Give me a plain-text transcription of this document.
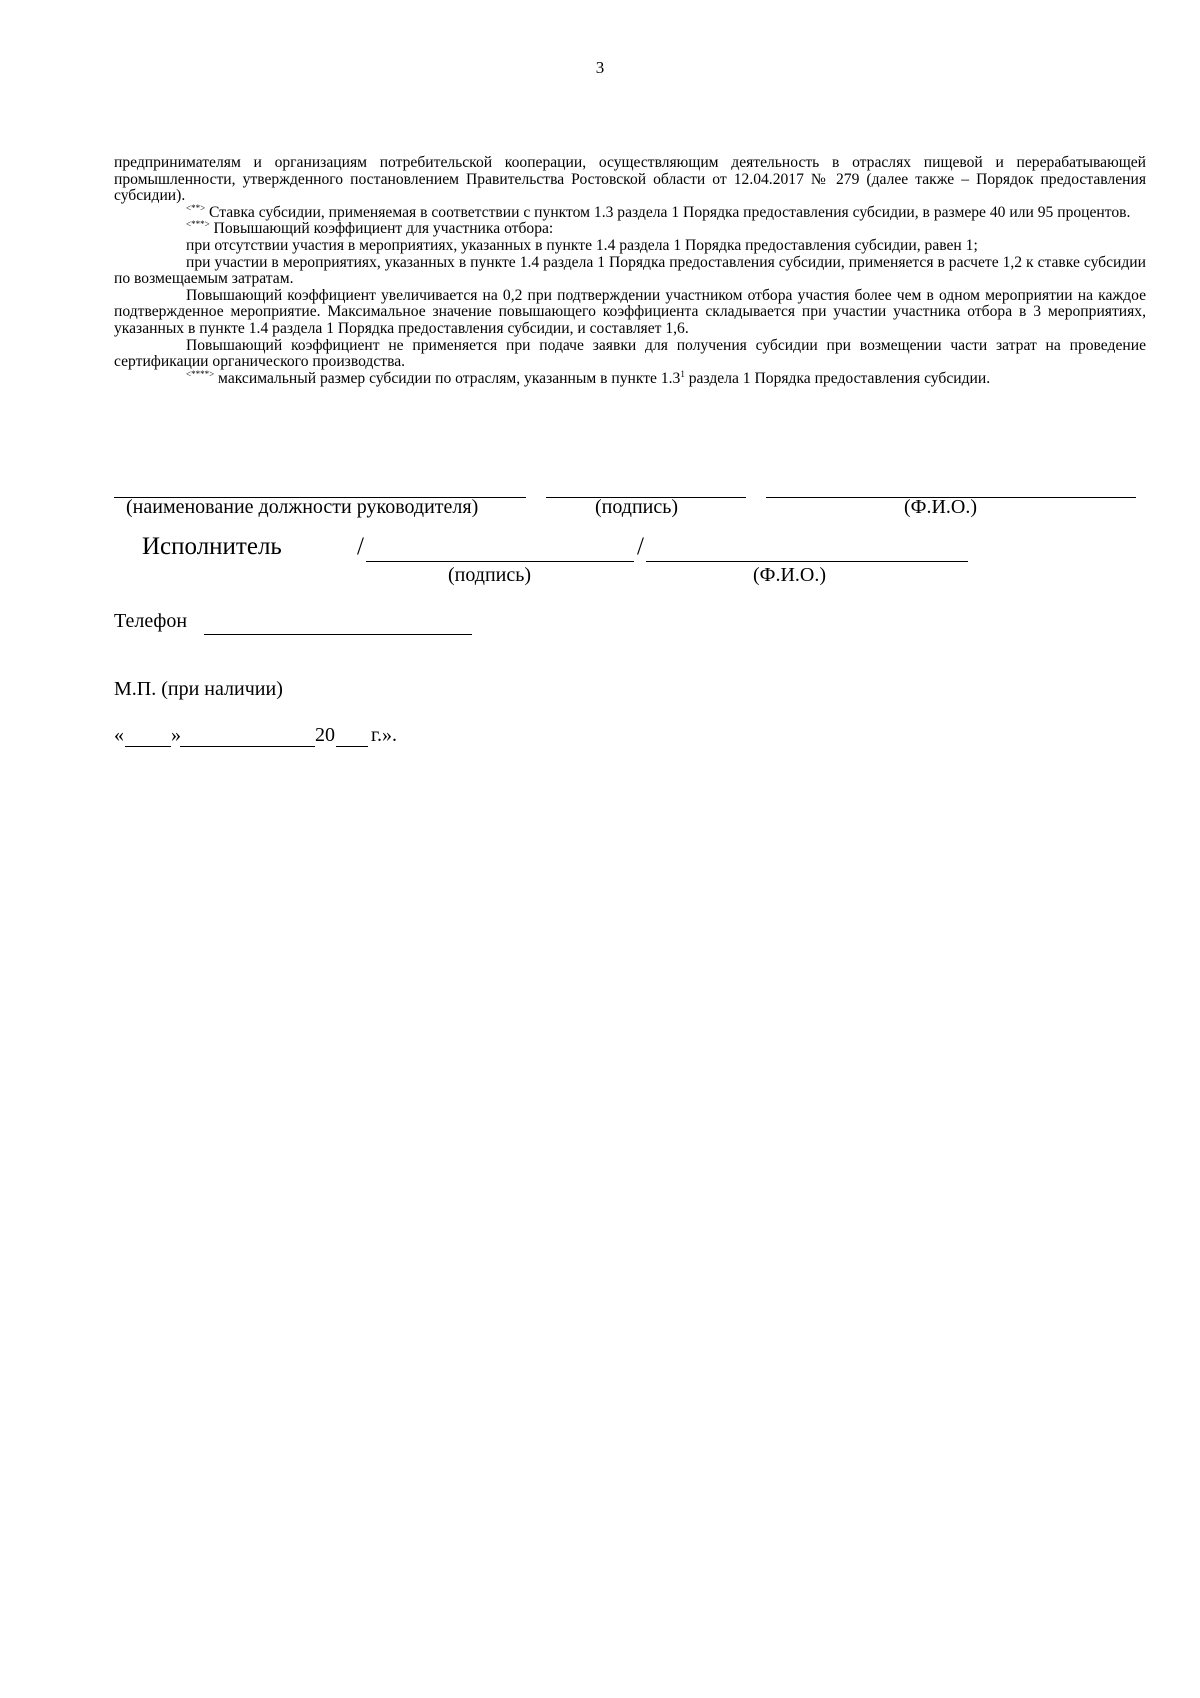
3

предпринимателям и организациям потребительской кооперации, осуществляющим деятельность в отраслях пищевой и перерабатывающей промышленности, утвержденного постановлением Правительства Ростовской области от 12.04.2017 № 279 (далее также – Порядок предоставления субсидии).

<**> Ставка субсидии, применяемая в соответствии с пунктом 1.3 раздела 1 Порядка предоставления субсидии, в размере 40 или 95 процентов.

<***> Повышающий коэффициент для участника отбора:

при отсутствии участия в мероприятиях, указанных в пункте 1.4 раздела 1 Порядка предоставления субсидии, равен 1;

при участии в мероприятиях, указанных в пункте 1.4 раздела 1 Порядка предоставления субсидии, применяется в расчете 1,2 к ставке субсидии по возмещаемым затратам.

Повышающий коэффициент увеличивается на 0,2 при подтверждении участником отбора участия более чем в одном мероприятии на каждое подтвержденное мероприятие. Максимальное значение повышающего коэффициента складывается при участии участника отбора в 3 мероприятиях, указанных в пункте 1.4 раздела 1 Порядка предоставления субсидии, и составляет 1,6.

Повышающий коэффициент не применяется при подаче заявки для получения субсидии при возмещении части затрат на проведение сертификации органического производства.

<****> максимальный размер субсидии по отраслям, указанным в пункте $1.3^1$ раздела 1 Порядка предоставления субсидии.

(наименование должности руководителя)	(подпись)	(Ф.И.О.)
Исполнитель	/	/
(подпись)	(Ф.И.О.)
Телефон
М.П. (при наличии)
« »	20 г.».
